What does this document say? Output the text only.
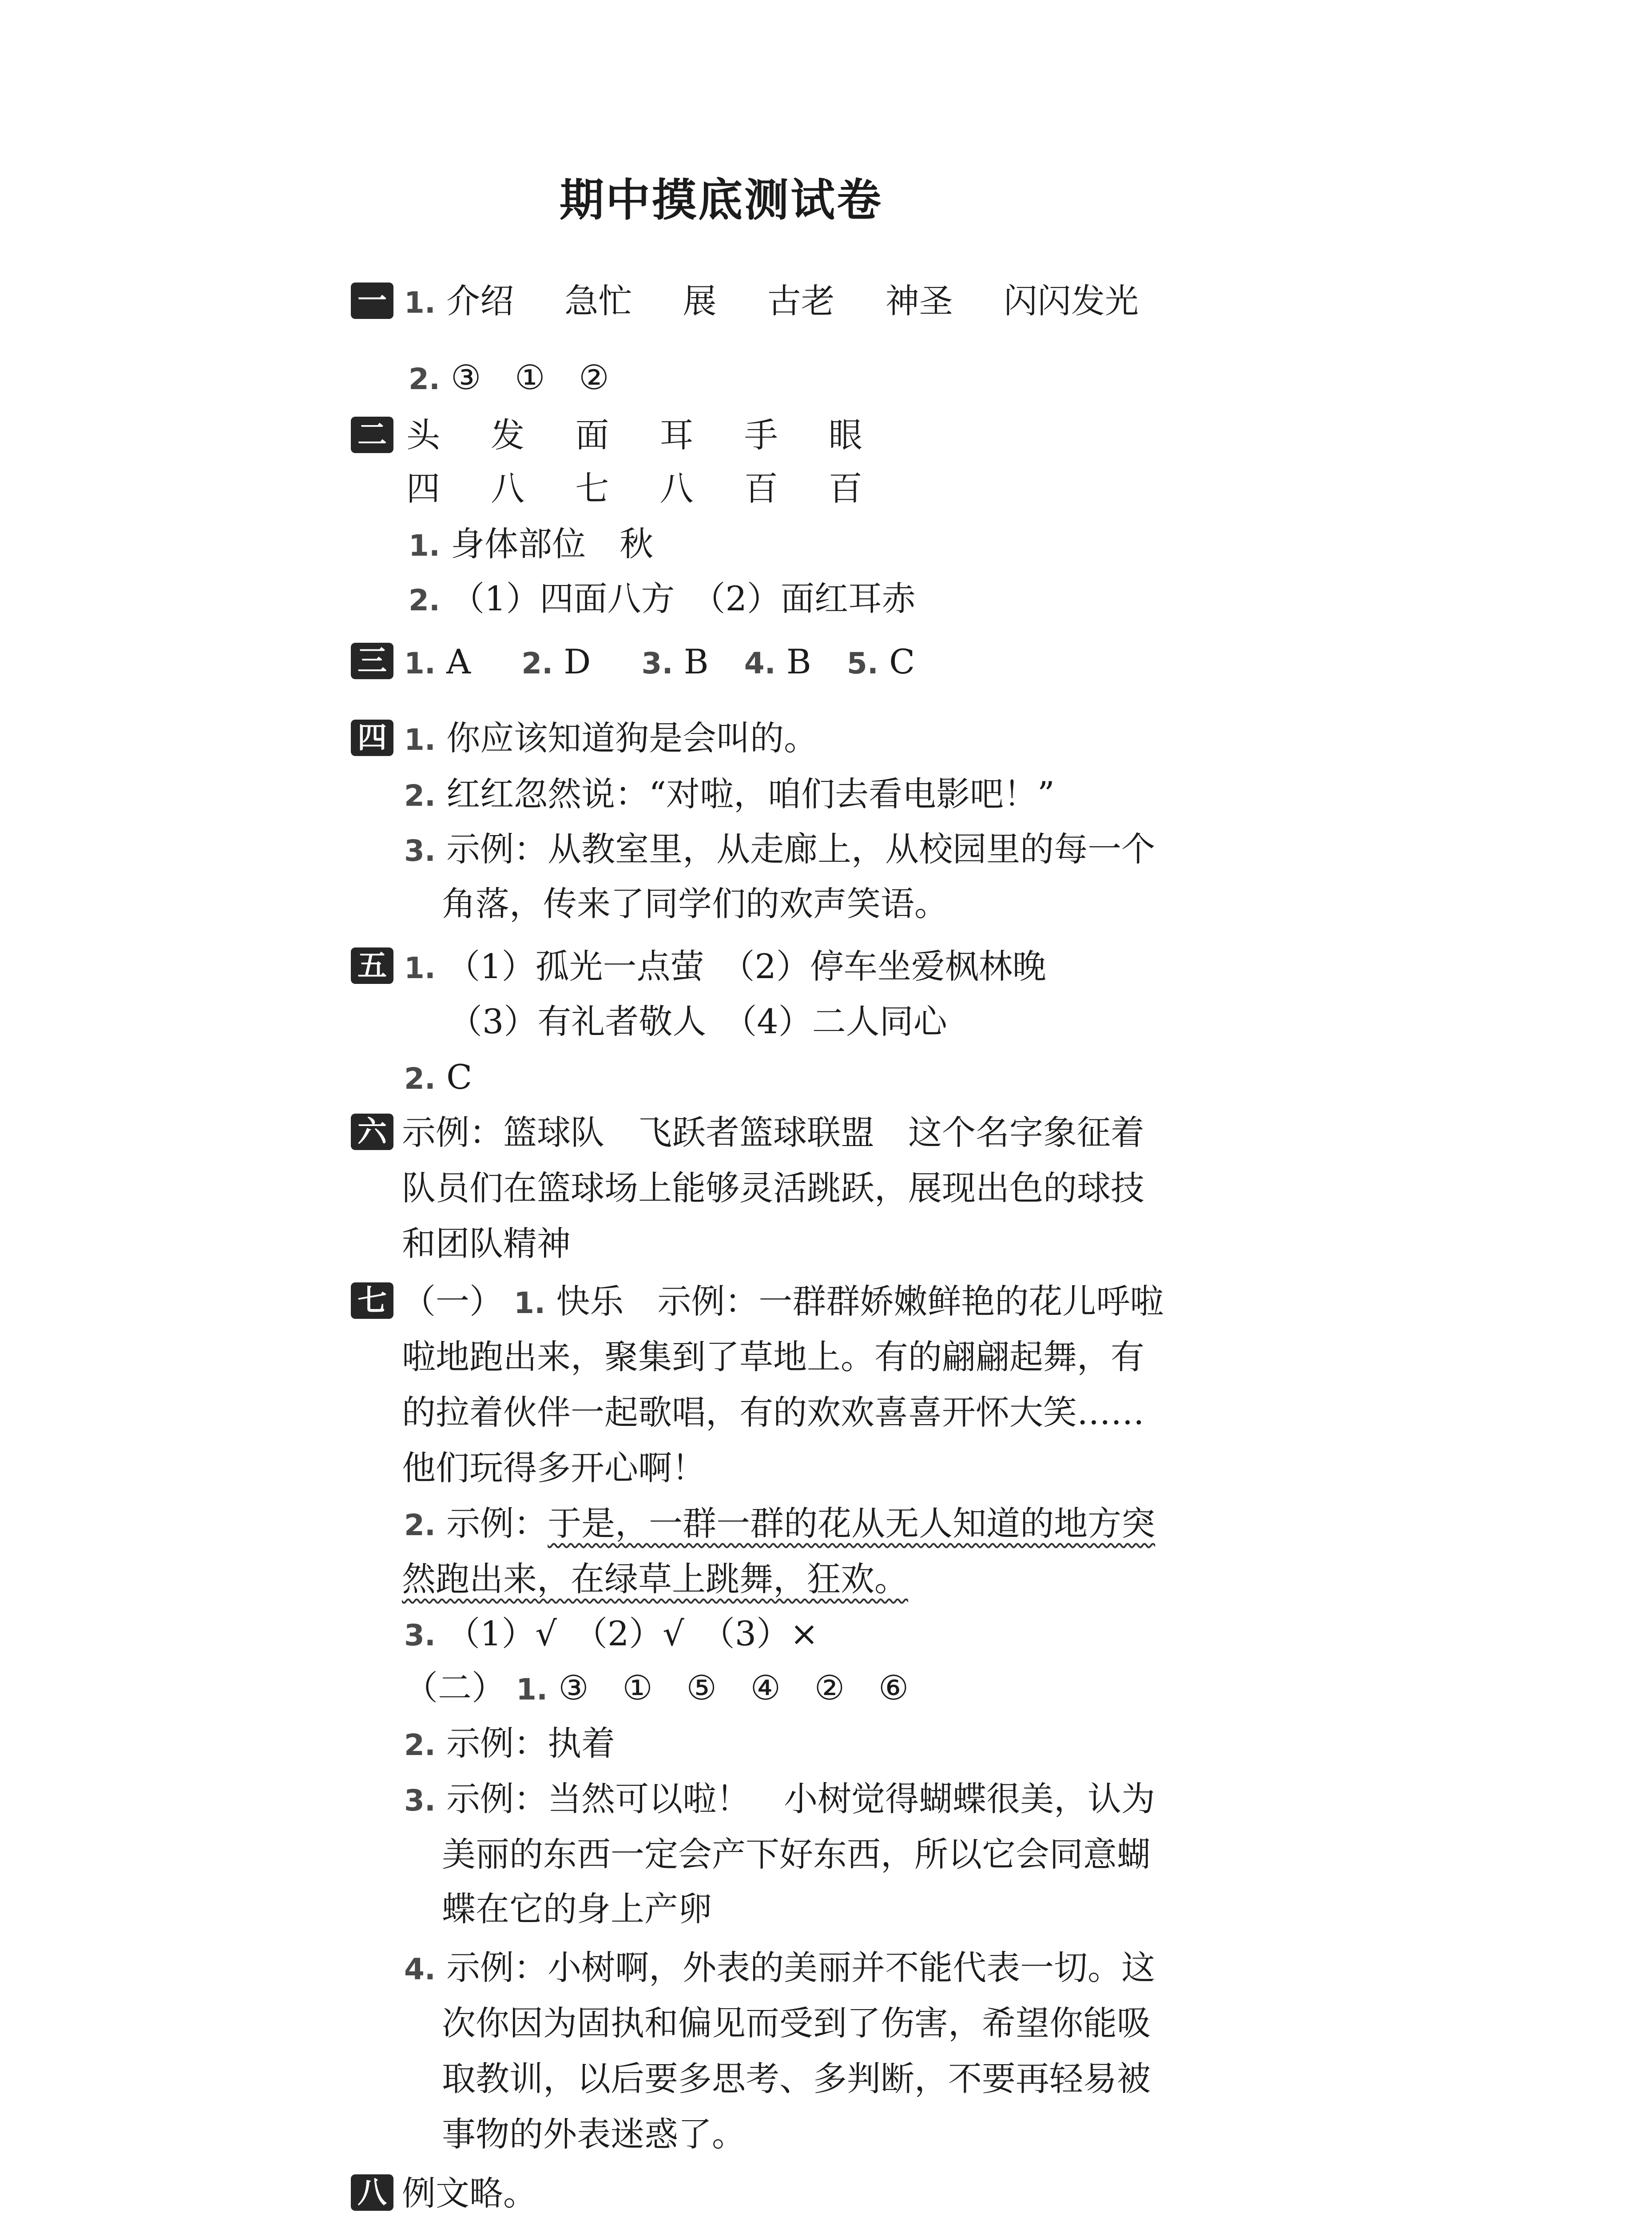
期中摸底测试卷
一 1. 介绍 急忙 展 古老 神圣 闪闪发光
2. ③　①　②
二 头 发 面 耳 手 眼
四 八 七 八 百 百
1. 身体部位　秋
2. （1）四面八方　（2）面红耳赤
三 1. A 2. D 3. B 4. B 5. C
四 1. 你应该知道狗是会叫的。
2. 红红忽然说：“对啦，咱们去看电影吧！”
3. 示例：从教室里，从走廊上，从校园里的每一个
角落，传来了同学们的欢声笑语。
五 1. （1）孤光一点萤　（2）停车坐爱枫林晚
（3）有礼者敬人　（4）二人同心
2. C
六 示例：篮球队　飞跃者篮球联盟　这个名字象征着
队员们在篮球场上能够灵活跳跃，展现出色的球技
和团队精神
七 （一） 1. 快乐　示例：一群群娇嫩鲜艳的花儿呼啦
啦地跑出来，聚集到了草地上。有的翩翩起舞，有
的拉着伙伴一起歌唱，有的欢欢喜喜开怀大笑……
他们玩得多开心啊！
2. 示例：于是，一群一群的花从无人知道的地方突
然跑出来，在绿草上跳舞，狂欢。
3. （1）√　（2）√　（3）×
（二） 1. ③　①　⑤　④　②　⑥
2. 示例：执着
3. 示例：当然可以啦！　小树觉得蝴蝶很美，认为
美丽的东西一定会产下好东西，所以它会同意蝴
蝶在它的身上产卵
4. 示例：小树啊，外表的美丽并不能代表一切。这
次你因为固执和偏见而受到了伤害，希望你能吸
取教训，以后要多思考、多判断，不要再轻易被
事物的外表迷惑了。
八 例文略。
